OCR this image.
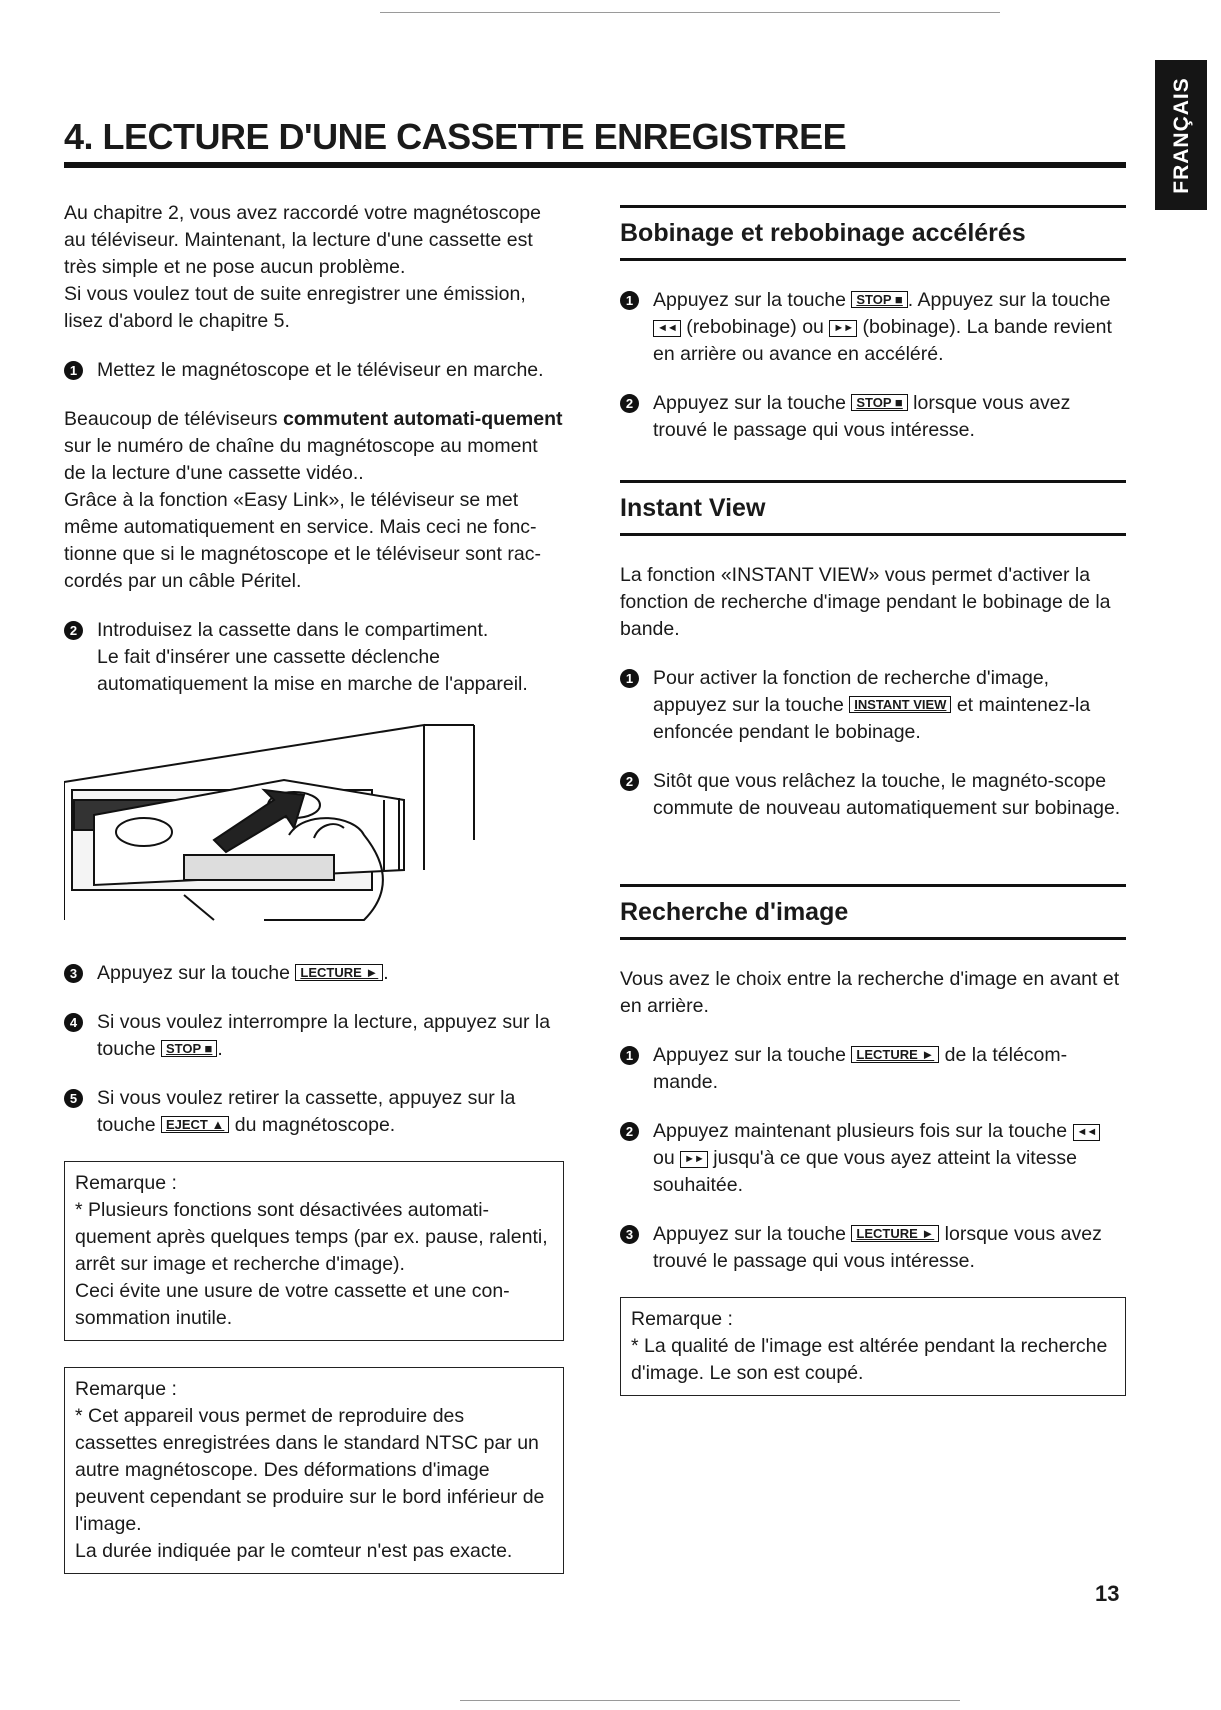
FRANÇAIS
4. LECTURE D'UNE CASSETTE ENREGISTREE

Au chapitre 2, vous avez raccordé votre magnétoscope au téléviseur. Maintenant, la lecture d'une cassette est très simple et ne pose aucun problème.
Si vous voulez tout de suite enregistrer une émission, lisez d'abord le chapitre 5.

1	Mettez le magnétoscope et le téléviseur en marche.

Beaucoup de téléviseurs commutent automati-quement sur le numéro de chaîne du magnétoscope au moment de la lecture d'une cassette vidéo..
Grâce à la fonction «Easy Link», le téléviseur se met même automatiquement en service. Mais ceci ne fonc-tionne que si le magnétoscope et le téléviseur sont rac-cordés par un câble Péritel.

2	Introduisez la cassette dans le compartiment.
Le fait d'insérer une cassette déclenche automatiquement la mise en marche de l'appareil.
3	Appuyez sur la touche LECTURE ► .
4	Si vous voulez interrompre la lecture, appuyez sur la touche STOP ■ .
5	Si vous voulez retirer la cassette, appuyez sur la touche EJECT ▲ du magnétoscope.
Remarque :
* Plusieurs fonctions sont désactivées automati-quement après quelques temps (par ex. pause, ralenti, arrêt sur image et recherche d'image).
Ceci évite une usure de votre cassette et une con-sommation inutile.
Remarque :
* Cet appareil vous permet de reproduire des cassettes enregistrées dans le standard NTSC par un autre magnétoscope. Des déformations d'image peuvent cependant se produire sur le bord inférieur de l'image.
La durée indiquée par le comteur n'est pas exacte.
Bobinage et rebobinage accélérés
1	Appuyez sur la touche STOP ■ . Appuyez sur la touche ◄◄ (rebobinage) ou ►► (bobinage). La bande revient en arrière ou avance en accéléré.
2	Appuyez sur la touche STOP ■ lorsque vous avez trouvé le passage qui vous intéresse.
Instant View

La fonction «INSTANT VIEW» vous permet d'activer la fonction de recherche d'image pendant le bobinage de la bande.

1	Pour activer la fonction de recherche d'image, appuyez sur la touche INSTANT VIEW et maintenez-la enfoncée pendant le bobinage.
2	Sitôt que vous relâchez la touche, le magnéto-scope commute de nouveau automatiquement sur bobinage.
Recherche d'image

Vous avez le choix entre la recherche d'image en avant et en arrière.

1	Appuyez sur la touche LECTURE ► de la télécom-mande.
2	Appuyez maintenant plusieurs fois sur la touche ◄◄ ou ►► jusqu'à ce que vous ayez atteint la vitesse souhaitée.
3	Appuyez sur la touche LECTURE ► lorsque vous avez trouvé le passage qui vous intéresse.
Remarque :
* La qualité de l'image est altérée pendant la recherche d'image. Le son est coupé.
13
